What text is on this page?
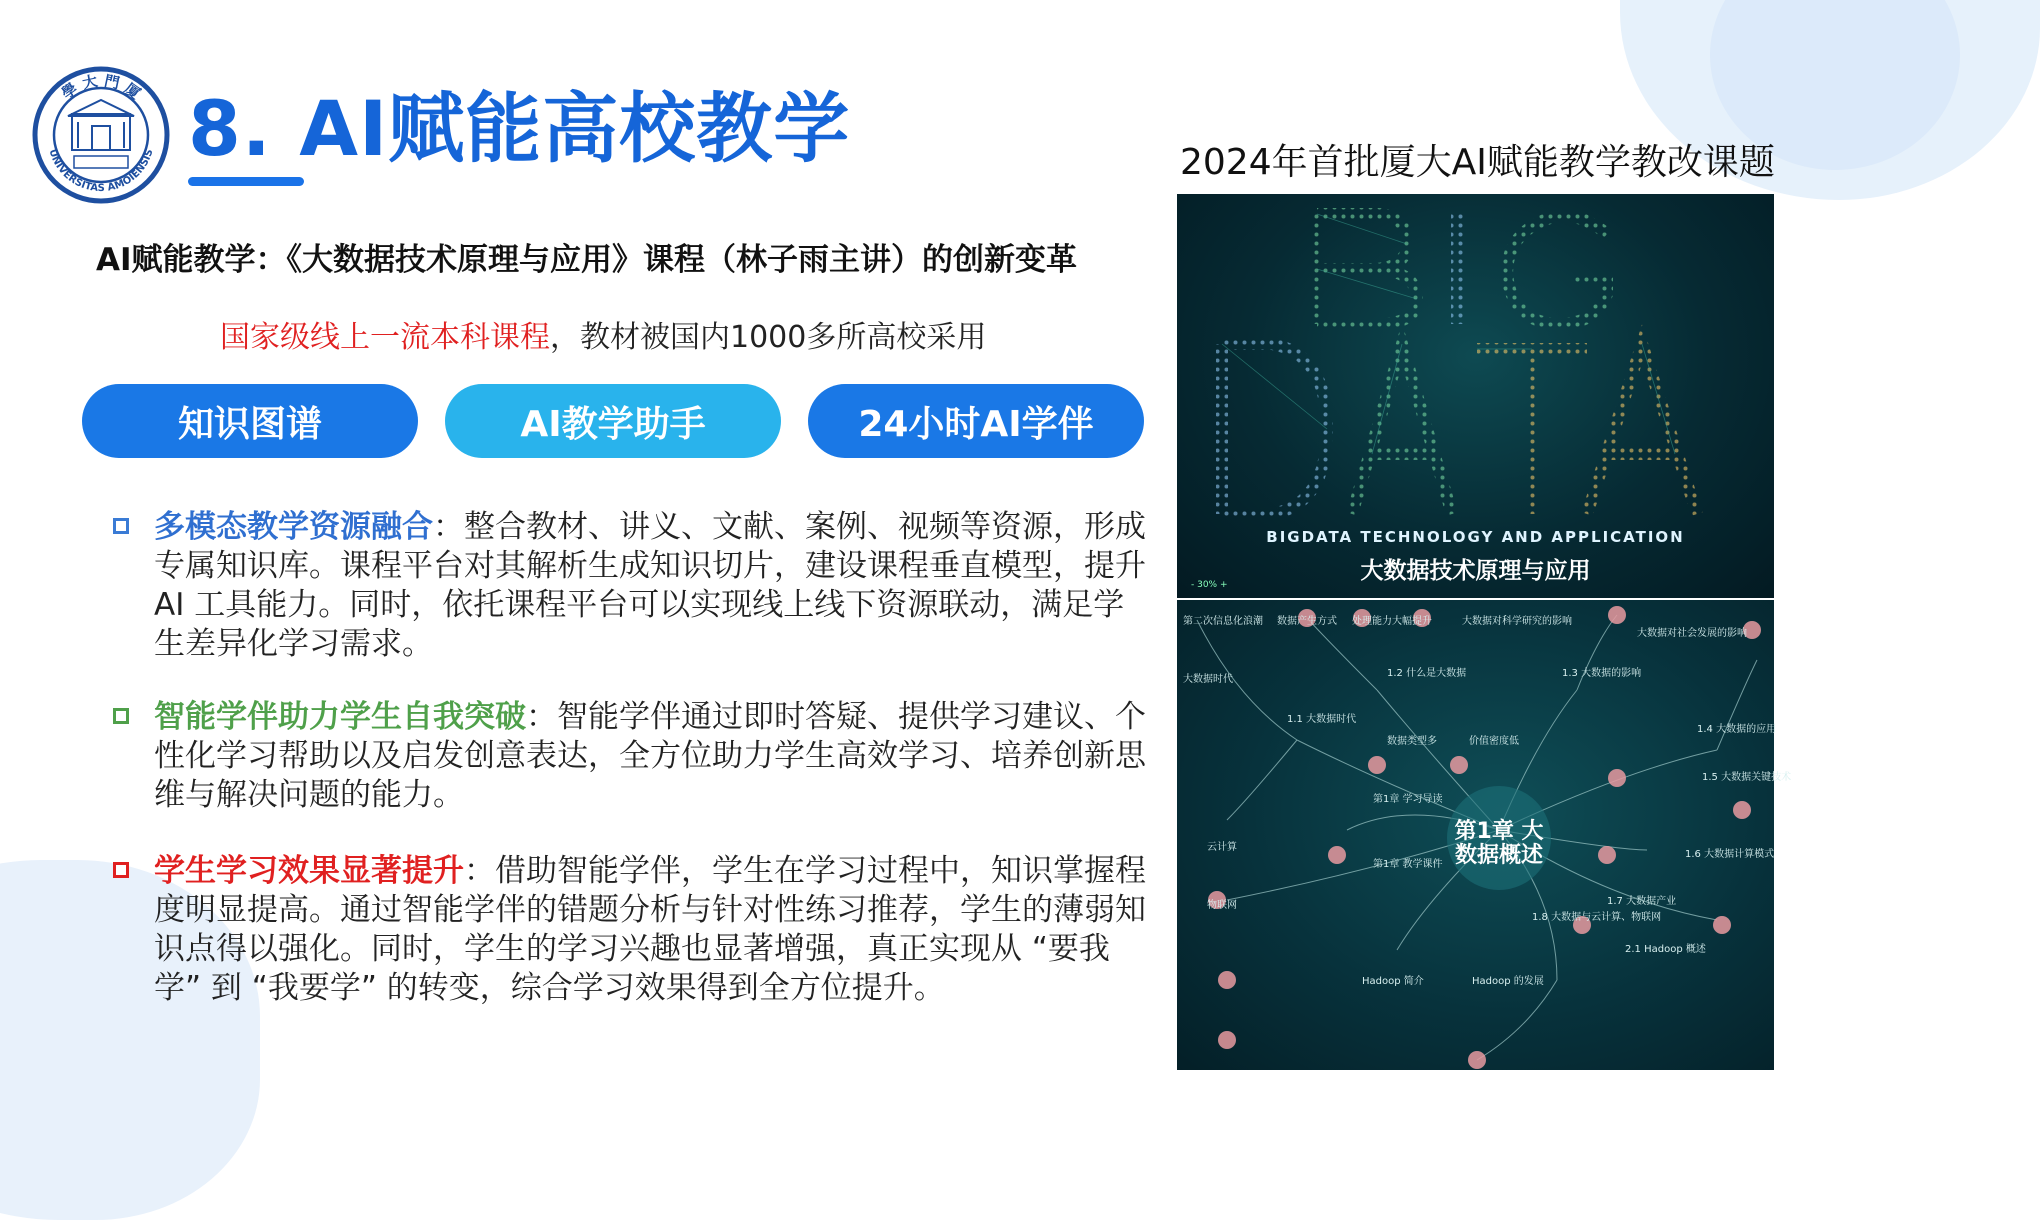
學 大 門 厦
UNIVERSITAS AMOIENSIS 8. AI赋能高校教学
AI赋能教学：《大数据技术原理与应用》课程（林子雨主讲）的创新变革
国家级线上一流本科课程，教材被国内1000多所高校采用
知识图谱	AI教学助手	24小时AI学伴
多模态教学资源融合：整合教材、讲义、文献、案例、视频等资源，形成专属知识库。课程平台对其解析生成知识切片，建设课程垂直模型，提升AI 工具能力。同时，依托课程平台可以实现线上线下资源联动，满足学生差异化学习需求。
智能学伴助力学生自我突破：智能学伴通过即时答疑、提供学习建议、个性化学习帮助以及启发创意表达，全方位助力学生高效学习、培养创新思维与解决问题的能力。
学生学习效果显著提升：借助智能学伴，学生在学习过程中，知识掌握程度明显提高。通过智能学伴的错题分析与针对性练习推荐，学生的薄弱知识点得以强化。同时，学生的学习兴趣也显著增强，真正实现从 “要我学” 到 “我要学” 的转变，综合学习效果得到全方位提升。
2024年首批厦大AI赋能教学教改课题
BIGDATA TECHNOLOGY AND APPLICATION
大数据技术原理与应用
- 30% +
第1章 大数据概述
第二次信息化浪潮 数据产生方式 处理能力大幅提升
大数据时代
1.2 什么是大数据	1.3 大数据的影响
大数据对社会发展的影响
1.1 大数据时代
1.4 大数据的应用
数据类型多	价值密度低
大数据对科学研究的影响
1.5 大数据关键技术
第1章 学习导读
云计算
第1章 教学课件
1.6 大数据计算模式
物联网	1.7 大数据产业
1.8 大数据与云计算、物联网
2.1 Hadoop 概述
Hadoop 简介	Hadoop 的发展
